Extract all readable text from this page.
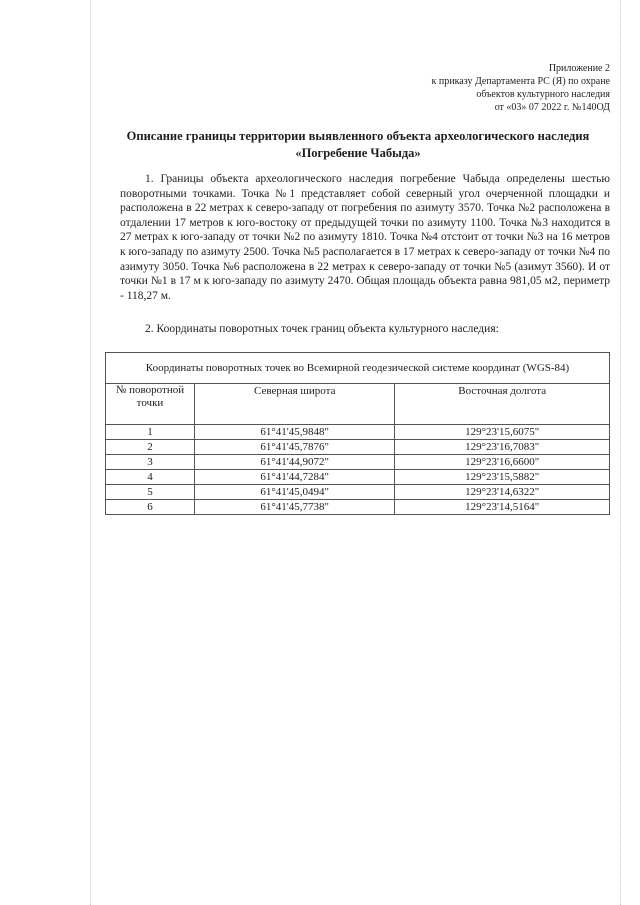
Приложение 2
к приказу Департамента РС (Я) по охране
объектов культурного наследия
от «03» 07 2022 г. №140ОД
Описание границы территории выявленного объекта археологического наследия
«Погребение Чабыда»
1. Границы объекта археологического наследия погребение Чабыда определены шестью поворотными точками. Точка №1 представляет собой северный угол очерченной площадки и расположена в 22 метрах к северо-западу от погребения по азимуту 3570. Точка №2 расположена в отдалении 17 метров к юго-востоку от предыдущей точки по азимуту 1100. Точка №3 находится в 27 метрах к юго-западу от точки №2 по азимуту 1810. Точка №4 отстоит от точки №3 на 16 метров к юго-западу по азимуту 2500. Точка №5 располагается в 17 метрах к северо-западу от точки №4 по азимуту 3050. Точка №6 расположена в 22 метрах к северо-западу от точки №5 (азимут 3560). И от точки №1 в 17 м к юго-западу по азимуту 2470. Общая площадь объекта равна 981,05 м2, периметр - 118,27 м.
2. Координаты поворотных точек границ объекта культурного наследия:
Координаты поворотных точек во Всемирной геодезической системе координат (WGS-84)		
№ поворотной точки	Северная широта	Восточная долгота
1	61°41'45,9848"	129°23'15,6075"
2	61°41'45,7876"	129°23'16,7083"
3	61°41'44,9072"	129°23'16,6600"
4	61°41'44,7284"	129°23'15,5882"
5	61°41'45,0494"	129°23'14,6322"
6	61°41'45,7738"	129°23'14,5164"
